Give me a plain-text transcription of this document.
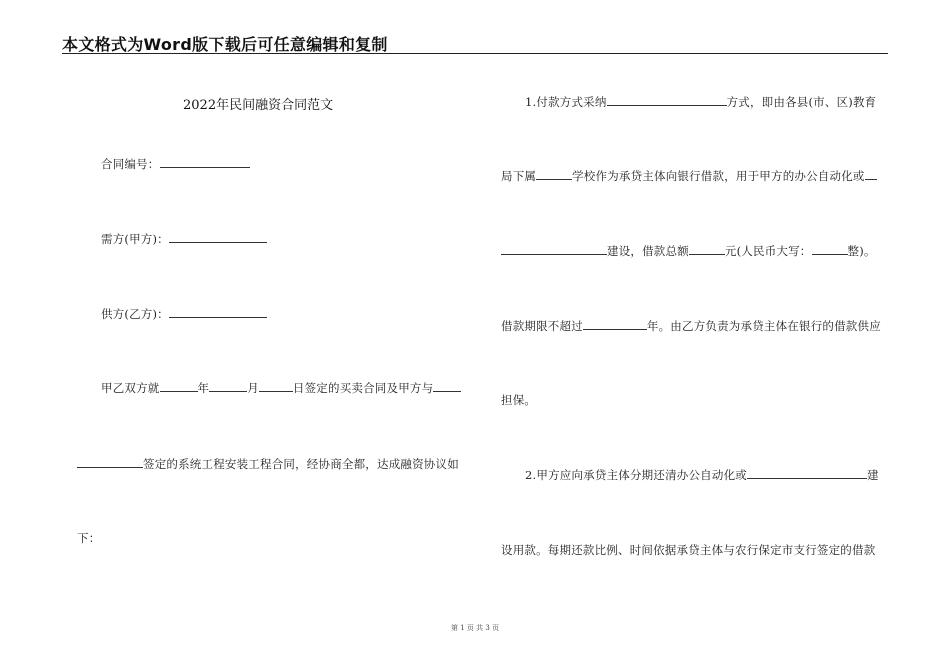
本文格式为Word版下载后可任意编辑和复制
2022年民间融资合同范文
合同编号：
需方(甲方)：
供方(乙方)：
甲乙双方就	年	月	日签定的买卖合同及甲方与
签定的系统工程安装工程合同，经协商全都，达成融资协议如
下：
1.付款方式采纳	方式，即由各县(市、区)教育
局下属	学校作为承贷主体向银行借款，用于甲方的办公自动化或
建设，借款总额	元(人民币大写：	整)。
借款期限不超过	年。由乙方负责为承贷主体在银行的借款供应
担保。
2.甲方应向承贷主体分期还清办公自动化或	建
设用款。每期还款比例、时间依据承贷主体与农行保定市支行签定的借款
第 1 页 共 3 页
